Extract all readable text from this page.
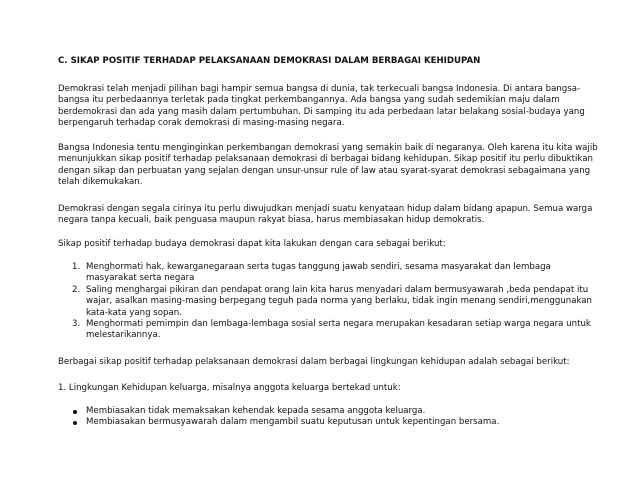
C. SIKAP POSITIF TERHADAP PELAKSANAAN DEMOKRASI DALAM BERBAGAI KEHIDUPAN

Demokrasi telah menjadi pilihan bagi hampir semua bangsa di dunia, tak terkecuali bangsa Indonesia. Di antara bangsa-bangsa itu perbedaannya terletak pada tingkat perkembangannya. Ada bangsa yang sudah sedemikian maju dalam berdemokrasi dan ada yang masih dalam pertumbuhan. Di samping itu ada perbedaan latar belakang sosial-budaya yang berpengaruh terhadap corak demokrasi di masing-masing negara.

Bangsa Indonesia tentu menginginkan perkembangan demokrasi yang semakin baik di negaranya. Oleh karena itu kita wajib menunjukkan sikap positif terhadap pelaksanaan demokrasi di berbagai bidang kehidupan. Sikap positif itu perlu dibuktikan dengan sikap dan perbuatan yang sejalan dengan unsur-unsur rule of law atau syarat-syarat demokrasi sebagaimana yang telah dikemukakan.

Demokrasi dengan segala cirinya itu perlu diwujudkan menjadi suatu kenyataan hidup dalam bidang apapun. Semua warga negara tanpa kecuali, baik penguasa maupun rakyat biasa, harus membiasakan hidup demokratis.

Sikap positif terhadap budaya demokrasi dapat kita lakukan dengan cara sebagai berikut:

1. Menghormati hak, kewarganegaraan serta tugas tanggung jawab sendiri, sesama masyarakat dan lembaga masyarakat serta negara
2. Saling menghargai pikiran dan pendapat orang lain kita harus menyadari dalam bermusyawarah ,beda pendapat itu wajar, asalkan masing-masing berpegang teguh pada norma yang berlaku, tidak ingin menang sendiri,menggunakan kata-kata yang sopan.
3. Menghormati pemimpin dan lembaga-lembaga sosial serta negara merupakan kesadaran setiap warga negara untuk melestarikannya.

Berbagai sikap positif terhadap pelaksanaan demokrasi dalam berbagai lingkungan kehidupan adalah sebagai berikut:

1. Lingkungan Kehidupan keluarga, misalnya anggota keluarga bertekad untuk:

Membiasakan tidak memaksakan kehendak kepada sesama anggota keluarga.
Membiasakan bermusyawarah dalam mengambil suatu keputusan untuk kepentingan bersama.
